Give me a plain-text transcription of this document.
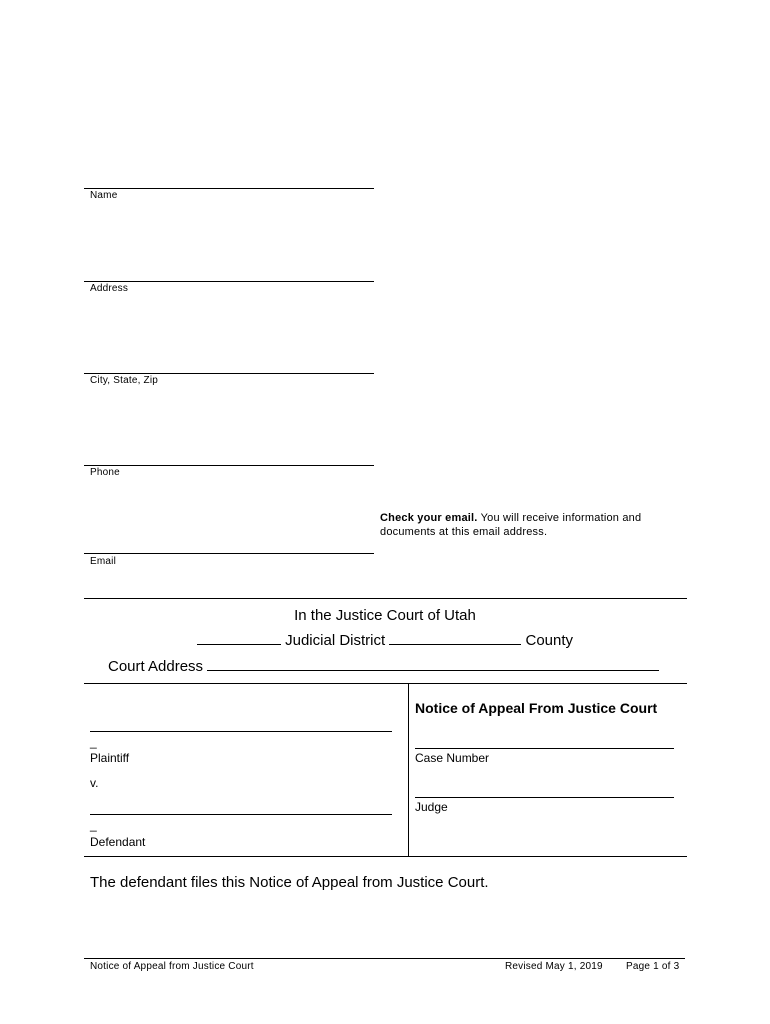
Name
Address
City, State, Zip
Phone
Check your email. You will receive information and documents at this email address.
Email
In the Justice Court of Utah
Judicial District	County
Court Address
_
Plaintiff
v.
_
Defendant
Notice of Appeal From Justice Court
Case Number
Judge
The defendant files this Notice of Appeal from Justice Court.
Notice of Appeal from Justice Court	Revised May 1, 2019 Page 1 of 3
